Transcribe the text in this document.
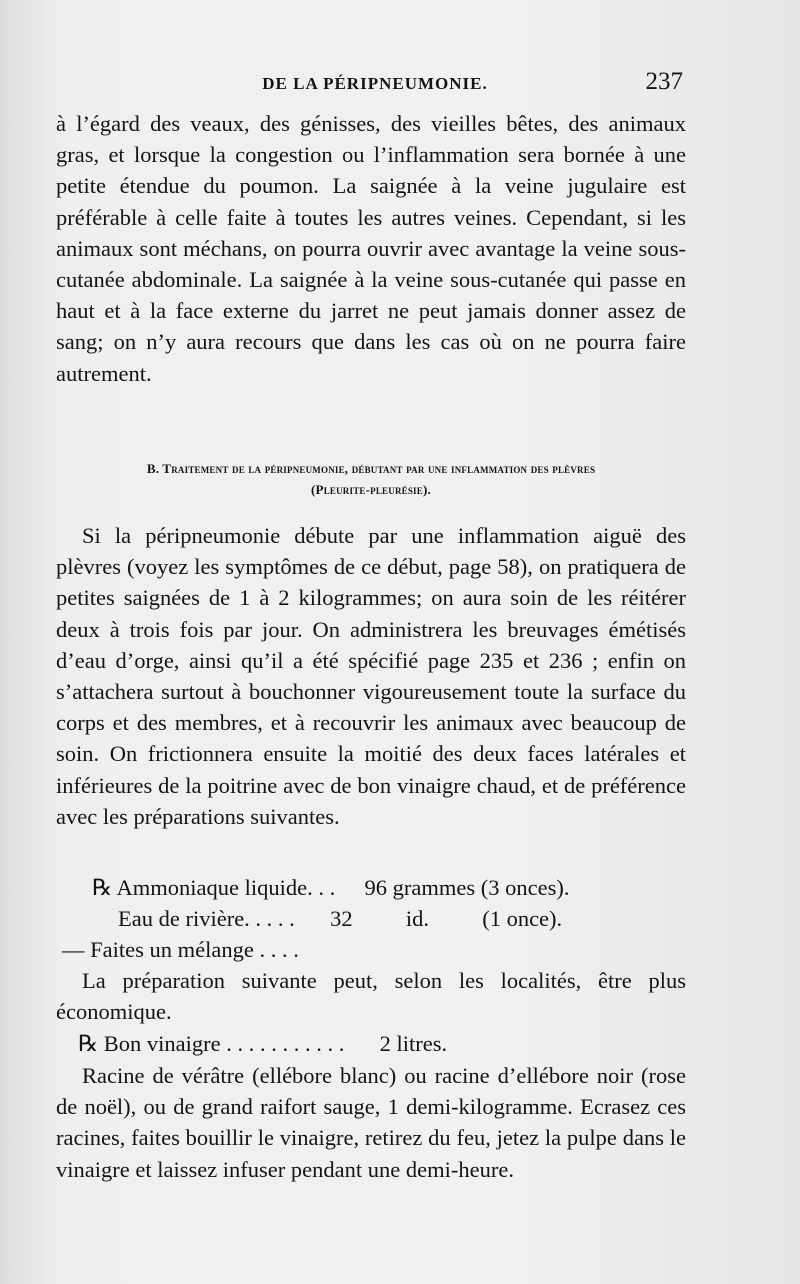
DE LA PÉRIPNEUMONIE.	237

à l’égard des veaux, des génisses, des vieilles bêtes, des animaux gras, et lorsque la congestion ou l’inflammation sera bornée à une petite étendue du poumon. La saignée à la veine jugulaire est préférable à celle faite à toutes les autres veines. Cependant, si les animaux sont méchans, on pourra ouvrir avec avantage la veine sous-cutanée abdominale. La saignée à la veine sous-cutanée qui passe en haut et à la face externe du jarret ne peut jamais donner assez de sang; on n’y aura recours que dans les cas où on ne pourra faire autrement.

B. Traitement de la péripneumonie, débutant par une inflammation des plèvres
(Pleurite-pleurésie).

Si la péripneumonie débute par une inflammation aiguë des plèvres (voyez les symptômes de ce début, page 58), on pratiquera de petites saignées de 1 à 2 kilogrammes; on aura soin de les réitérer deux à trois fois par jour. On administrera les breuvages émétisés d’eau d’orge, ainsi qu’il a été spécifié page 235 et 236 ; enfin on s’attachera surtout à bouchonner vigoureusement toute la surface du corps et des membres, et à recouvrir les animaux avec beaucoup de soin. On frictionnera ensuite la moitié des deux faces latérales et inférieures de la poitrine avec de bon vinaigre chaud, et de préférence avec les préparations suivantes.

℞ Ammoniaque liquide. . . 96 grammes (3 onces).
Eau de rivière. . . . . 32 id. (1 once).
— Faites un mélange . . . .

La préparation suivante peut, selon les localités, être plus économique.

℞ Bon vinaigre . . . . . . . . . . . 2 litres.

Racine de vérâtre (ellébore blanc) ou racine d’ellébore noir (rose de noël), ou de grand raifort sauge, 1 demi-kilogramme. Ecrasez ces racines, faites bouillir le vinaigre, retirez du feu, jetez la pulpe dans le vinaigre et laissez infuser pendant une demi-heure.
